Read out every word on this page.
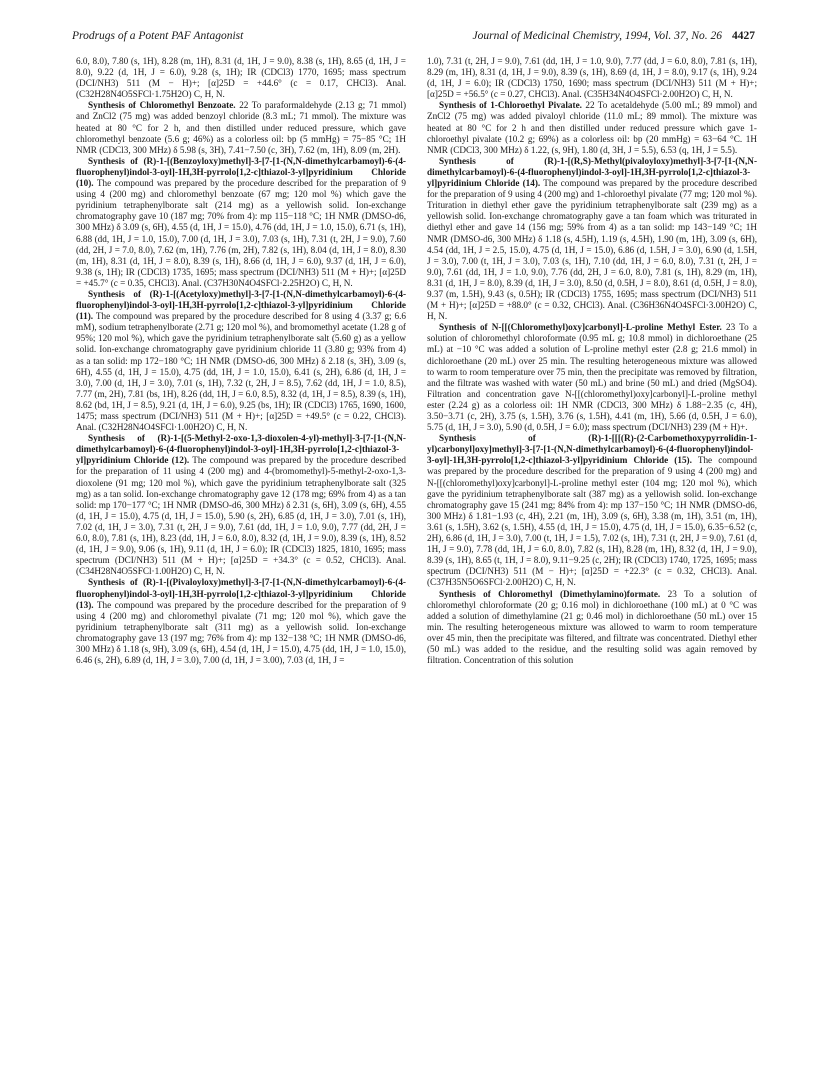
Prodrugs of a Potent PAF Antagonist	Journal of Medicinal Chemistry, 1994, Vol. 37, No. 26 4427

6.0, 8.0), 7.80 (s, 1H), 8.28 (m, 1H), 8.31 (d, 1H, J = 9.0), 8.38 (s, 1H), 8.65 (d, 1H, J = 8.0), 9.22 (d, 1H, J = 6.0), 9.28 (s, 1H); IR (CDCl3) 1770, 1695; mass spectrum (DCI/NH3) 511 (M − H)+; [α]25D = +44.6° (c = 0.17, CHCl3). Anal. (C32H28N4O5SFCl·1.75H2O) C, H, N.

Synthesis of Chloromethyl Benzoate. 22 To paraformaldehyde (2.13 g; 71 mmol) and ZnCl2 (75 mg) was added benzoyl chloride (8.3 mL; 71 mmol). The mixture was heated at 80 °C for 2 h, and then distilled under reduced pressure, which gave chloromethyl benzoate (5.6 g; 46%) as a colorless oil: bp (5 mmHg) = 75−85 °C; 1H NMR (CDCl3, 300 MHz) δ 5.98 (s, 3H), 7.41−7.50 (c, 3H), 7.62 (m, 1H), 8.09 (m, 2H).

Synthesis of (R)-1-[(Benzoyloxy)methyl]-3-[7-[1-(N,N-dimethylcarbamoyl)-6-(4-fluorophenyl)indol-3-oyl]-1H,3H-pyrrolo[1,2-c]thiazol-3-yl]pyridinium Chloride (10). The compound was prepared by the procedure described for the preparation of 9 using 4 (200 mg) and chloromethyl benzoate (67 mg; 120 mol %) which gave the pyridinium tetraphenylborate salt (214 mg) as a yellowish solid. Ion-exchange chromatography gave 10 (187 mg; 70% from 4): mp 115−118 °C; 1H NMR (DMSO-d6, 300 MHz) δ 3.09 (s, 6H), 4.55 (d, 1H, J = 15.0), 4.76 (dd, 1H, J = 1.0, 15.0), 6.71 (s, 1H), 6.88 (dd, 1H, J = 1.0, 15.0), 7.00 (d, 1H, J = 3.0), 7.03 (s, 1H), 7.31 (t, 2H, J = 9.0), 7.60 (dd, 2H, J = 7.0, 8.0), 7.62 (m, 1H), 7.76 (m, 2H), 7.82 (s, 1H), 8.04 (d, 1H, J = 8.0), 8.30 (m, 1H), 8.31 (d, 1H, J = 8.0), 8.39 (s, 1H), 8.66 (d, 1H, J = 6.0), 9.37 (d, 1H, J = 6.0), 9.38 (s, 1H); IR (CDCl3) 1735, 1695; mass spectrum (DCI/NH3) 511 (M + H)+; [α]25D = +45.7° (c = 0.35, CHCl3). Anal. (C37H30N4O4SFCl·2.25H2O) C, H, N.

Synthesis of (R)-1-[(Acetyloxy)methyl]-3-[7-[1-(N,N-dimethylcarbamoyl)-6-(4-fluorophenyl)indol-3-oyl]-1H,3H-pyrrolo[1,2-c]thiazol-3-yl]pyridinium Chloride (11). The compound was prepared by the procedure described for 8 using 4 (3.37 g; 6.6 mM), sodium tetraphenylborate (2.71 g; 120 mol %), and bromomethyl acetate (1.28 g of 95%; 120 mol %), which gave the pyridinium tetraphenylborate salt (5.60 g) as a yellow solid. Ion-exchange chromatography gave pyridinium chloride 11 (3.80 g; 93% from 4) as a tan solid: mp 172−180 °C; 1H NMR (DMSO-d6, 300 MHz) δ 2.18 (s, 3H), 3.09 (s, 6H), 4.55 (d, 1H, J = 15.0), 4.75 (dd, 1H, J = 1.0, 15.0), 6.41 (s, 2H), 6.86 (d, 1H, J = 3.0), 7.00 (d, 1H, J = 3.0), 7.01 (s, 1H), 7.32 (t, 2H, J = 8.5), 7.62 (dd, 1H, J = 1.0, 8.5), 7.77 (m, 2H), 7.81 (bs, 1H), 8.26 (dd, 1H, J = 6.0, 8.5), 8.32 (d, 1H, J = 8.5), 8.39 (s, 1H), 8.62 (bd, 1H, J = 8.5), 9.21 (d, 1H, J = 6.0), 9.25 (bs, 1H); IR (CDCl3) 1765, 1690, 1600, 1475; mass spectrum (DCI/NH3) 511 (M + H)+; [α]25D = +49.5° (c = 0.22, CHCl3). Anal. (C32H28N4O4SFCl·1.00H2O) C, H, N.

Synthesis of (R)-1-[(5-Methyl-2-oxo-1,3-dioxolen-4-yl)-methyl]-3-[7-[1-(N,N-dimethylcarbamoyl)-6-(4-fluorophenyl)indol-3-oyl]-1H,3H-pyrrolo[1,2-c]thiazol-3-yl]pyridinium Chloride (12). The compound was prepared by the procedure described for the preparation of 11 using 4 (200 mg) and 4-(bromomethyl)-5-methyl-2-oxo-1,3-dioxolene (91 mg; 120 mol %), which gave the pyridinium tetraphenylborate salt (325 mg) as a tan solid. Ion-exchange chromatography gave 12 (178 mg; 69% from 4) as a tan solid: mp 170−177 °C; 1H NMR (DMSO-d6, 300 MHz) δ 2.31 (s, 6H), 3.09 (s, 6H), 4.55 (d, 1H, J = 15.0), 4.75 (d, 1H, J = 15.0), 5.90 (s, 2H), 6.85 (d, 1H, J = 3.0), 7.01 (s, 1H), 7.02 (d, 1H, J = 3.0), 7.31 (t, 2H, J = 9.0), 7.61 (dd, 1H, J = 1.0, 9.0), 7.77 (dd, 2H, J = 6.0, 8.0), 7.81 (s, 1H), 8.23 (dd, 1H, J = 6.0, 8.0), 8.32 (d, 1H, J = 9.0), 8.39 (s, 1H), 8.52 (d, 1H, J = 9.0), 9.06 (s, 1H), 9.11 (d, 1H, J = 6.0); IR (CDCl3) 1825, 1810, 1695; mass spectrum (DCI/NH3) 511 (M + H)+; [α]25D = +34.3° (c = 0.52, CHCl3). Anal. (C34H28N4O5SFCl·1.00H2O) C, H, N.

Synthesis of (R)-1-[(Pivaloyloxy)methyl]-3-[7-[1-(N,N-dimethylcarbamoyl)-6-(4-fluorophenyl)indol-3-oyl]-1H,3H-pyrrolo[1,2-c]thiazol-3-yl]pyridinium Chloride (13). The compound was prepared by the procedure described for the preparation of 9 using 4 (200 mg) and chloromethyl pivalate (71 mg; 120 mol %), which gave the pyridinium tetraphenylborate salt (311 mg) as a yellowish solid. Ion-exchange chromatography gave 13 (197 mg; 76% from 4): mp 132−138 °C; 1H NMR (DMSO-d6, 300 MHz) δ 1.18 (s, 9H), 3.09 (s, 6H), 4.54 (d, 1H, J = 15.0), 4.75 (dd, 1H, J = 1.0, 15.0), 6.46 (s, 2H), 6.89 (d, 1H, J = 3.0), 7.00 (d, 1H, J = 3.00), 7.03 (d, 1H, J =

1.0), 7.31 (t, 2H, J = 9.0), 7.61 (dd, 1H, J = 1.0, 9.0), 7.77 (dd, J = 6.0, 8.0), 7.81 (s, 1H), 8.29 (m, 1H), 8.31 (d, 1H, J = 9.0), 8.39 (s, 1H), 8.69 (d, 1H, J = 8.0), 9.17 (s, 1H), 9.24 (d, 1H, J = 6.0); IR (CDCl3) 1750, 1690; mass spectrum (DCI/NH3) 511 (M + H)+; [α]25D = +56.5° (c = 0.27, CHCl3). Anal. (C35H34N4O4SFCl·2.00H2O) C, H, N.

Synthesis of 1-Chloroethyl Pivalate. 22 To acetaldehyde (5.00 mL; 89 mmol) and ZnCl2 (75 mg) was added pivaloyl chloride (11.0 mL; 89 mmol). The mixture was heated at 80 °C for 2 h and then distilled under reduced pressure which gave 1-chloroethyl pivalate (10.2 g; 69%) as a colorless oil: bp (20 mmHg) = 63−64 °C. 1H NMR (CDCl3, 300 MHz) δ 1.22, (s, 9H), 1.80 (d, 3H, J = 5.5), 6.53 (q, 1H, J = 5.5).

Synthesis of (R)-1-[(R,S)-Methyl(pivaloyloxy)methyl]-3-[7-[1-(N,N-dimethylcarbamoyl)-6-(4-fluorophenyl)indol-3-oyl]-1H,3H-pyrrolo[1,2-c]thiazol-3-yl]pyridinium Chloride (14). The compound was prepared by the procedure described for the preparation of 9 using 4 (200 mg) and 1-chloroethyl pivalate (77 mg; 120 mol %). Trituration in diethyl ether gave the pyridinium tetraphenylborate salt (239 mg) as a yellowish solid. Ion-exchange chromatography gave a tan foam which was triturated in diethyl ether and gave 14 (156 mg; 59% from 4) as a tan solid: mp 143−149 °C; 1H NMR (DMSO-d6, 300 MHz) δ 1.18 (s, 4.5H), 1.19 (s, 4.5H), 1.90 (m, 1H), 3.09 (s, 6H), 4.54 (dd, 1H, J = 2.5, 15.0), 4.75 (d, 1H, J = 15.0), 6.86 (d, 1.5H, J = 3.0), 6.90 (d, 1.5H, J = 3.0), 7.00 (t, 1H, J = 3.0), 7.03 (s, 1H), 7.10 (dd, 1H, J = 6.0, 8.0), 7.31 (t, 2H, J = 9.0), 7.61 (dd, 1H, J = 1.0, 9.0), 7.76 (dd, 2H, J = 6.0, 8.0), 7.81 (s, 1H), 8.29 (m, 1H), 8.31 (d, 1H, J = 8.0), 8.39 (d, 1H, J = 3.0), 8.50 (d, 0.5H, J = 8.0), 8.61 (d, 0.5H, J = 8.0), 9.37 (m, 1.5H), 9.43 (s, 0.5H); IR (CDCl3) 1755, 1695; mass spectrum (DCI/NH3) 511 (M + H)+; [α]25D = +88.0° (c = 0.32, CHCl3). Anal. (C36H36N4O4SFCl·3.00H2O) C, H, N.

Synthesis of N-[[(Chloromethyl)oxy]carbonyl]-L-proline Methyl Ester. 23 To a solution of chloromethyl chloroformate (0.95 mL g; 10.8 mmol) in dichloroethane (25 mL) at −10 °C was added a solution of L-proline methyl ester (2.8 g; 21.6 mmol) in dichloroethane (20 mL) over 25 min. The resulting heterogeneous mixture was allowed to warm to room temperature over 75 min, then the precipitate was removed by filtration, and the filtrate was washed with water (50 mL) and brine (50 mL) and dried (MgSO4). Filtration and concentration gave N-[[(chloromethyl)oxy]carbonyl]-L-proline methyl ester (2.24 g) as a colorless oil: 1H NMR (CDCl3, 300 MHz) δ 1.88−2.35 (c, 4H), 3.50−3.71 (c, 2H), 3.75 (s, 1.5H), 3.76 (s, 1.5H), 4.41 (m, 1H), 5.66 (d, 0.5H, J = 6.0), 5.75 (d, 1H, J = 3.0), 5.90 (d, 0.5H, J = 6.0); mass spectrum (DCI/NH3) 239 (M + H)+.

Synthesis of (R)-1-[[[(R)-(2-Carbomethoxypyrrolidin-1-yl)carbonyl]oxy]methyl]-3-[7-[1-(N,N-dimethylcarbamoyl)-6-(4-fluorophenyl)indol-3-oyl]-1H,3H-pyrrolo[1,2-c]thiazol-3-yl]pyridinium Chloride (15). The compound was prepared by the procedure described for the preparation of 9 using 4 (200 mg) and N-[[(chloromethyl)oxy]carbonyl]-L-proline methyl ester (104 mg; 120 mol %), which gave the pyridinium tetraphenylborate salt (387 mg) as a yellowish solid. Ion-exchange chromatography gave 15 (241 mg; 84% from 4): mp 137−150 °C; 1H NMR (DMSO-d6, 300 MHz) δ 1.81−1.93 (c, 4H), 2.21 (m, 1H), 3.09 (s, 6H), 3.38 (m, 1H), 3.51 (m, 1H), 3.61 (s, 1.5H), 3.62 (s, 1.5H), 4.55 (d, 1H, J = 15.0), 4.75 (d, 1H, J = 15.0), 6.35−6.52 (c, 2H), 6.86 (d, 1H, J = 3.0), 7.00 (t, 1H, J = 1.5), 7.02 (s, 1H), 7.31 (t, 2H, J = 9.0), 7.61 (d, 1H, J = 9.0), 7.78 (dd, 1H, J = 6.0, 8.0), 7.82 (s, 1H), 8.28 (m, 1H), 8.32 (d, 1H, J = 9.0), 8.39 (s, 1H), 8.65 (t, 1H, J = 8.0), 9.11−9.25 (c, 2H); IR (CDCl3) 1740, 1725, 1695; mass spectrum (DCI/NH3) 511 (M − H)+; [α]25D = +22.3° (c = 0.32, CHCl3). Anal. (C37H35N5O6SFCl·2.00H2O) C, H, N.

Synthesis of Chloromethyl (Dimethylamino)formate. 23 To a solution of chloromethyl chloroformate (20 g; 0.16 mol) in dichloroethane (100 mL) at 0 °C was added a solution of dimethylamine (21 g; 0.46 mol) in dichloroethane (50 mL) over 15 min. The resulting heterogeneous mixture was allowed to warm to room temperature over 45 min, then the precipitate was filtered, and filtrate was concentrated. Diethyl ether (50 mL) was added to the residue, and the resulting solid was again removed by filtration. Concentration of this solution
